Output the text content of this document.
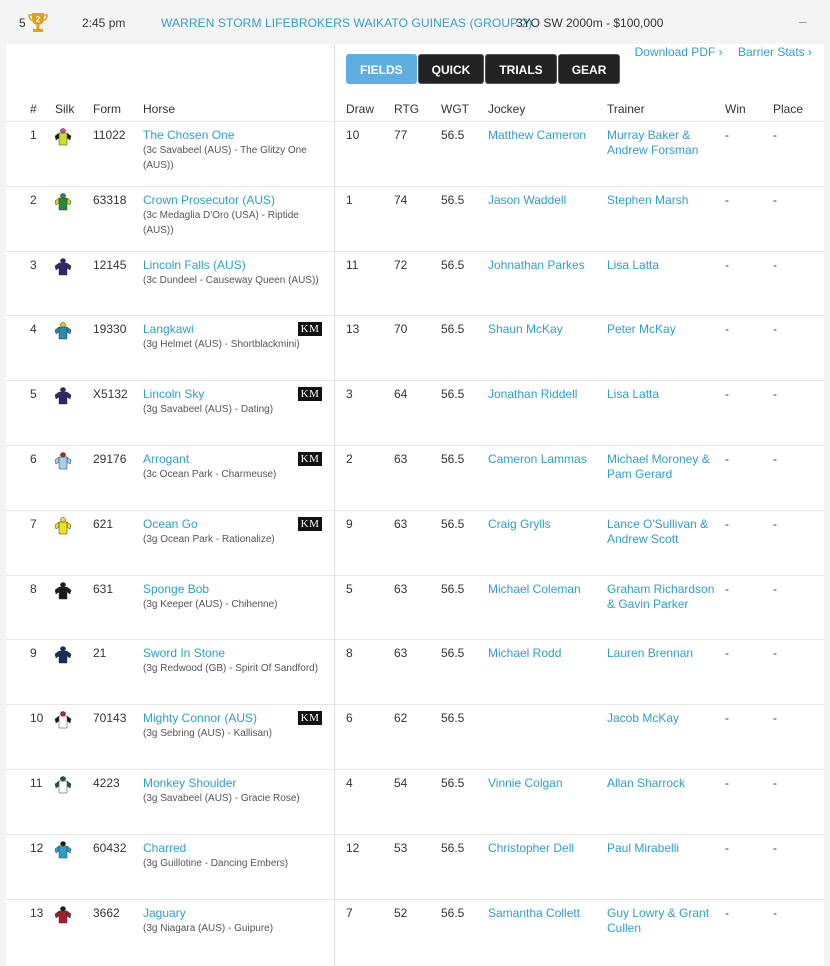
5 2	2:45 pm	WARREN STORM LIFEBROKERS WAIKATO GUINEAS (GROUP 2)
3YO SW 2000m - $100,000	–
Download PDF › Barrier Stats ›
FIELDS	QUICK	TRIALS	GEAR
# Silk Form Horse	Draw RTG WGT Jockey	Trainer	Win Place
1	11022 The Chosen One
(3c Savabeel (AUS) - The Glitzy One (AUS))
10	77	56.5 Matthew Cameron	Murray Baker & Andrew Forsman
-	-
2	63318 Crown Prosecutor (AUS)
(3c Medaglia D'Oro (USA) - Riptide (AUS))
1	74	56.5 Jason Waddell	Stephen Marsh	-	-
3	12145 Lincoln Falls (AUS)
(3c Dundeel - Causeway Queen (AUS))
11	72	56.5 Johnathan Parkes	Lisa Latta	-	-
4	19330 Langkawi
(3g Helmet (AUS) - Shortblackmini)
KM 13	70	56.5 Shaun McKay	Peter McKay	-	-
5	X5132 Lincoln Sky
(3g Savabeel (AUS) - Dating)
KM 3	64	56.5 Jonathan Riddell	Lisa Latta	-	-
6	29176 Arrogant
(3c Ocean Park - Charmeuse)
KM 2	63	56.5 Cameron Lammas	Michael Moroney & Pam Gerard
-	-
7	621 Ocean Go
(3g Ocean Park - Rationalize)
KM 9	63	56.5 Craig Grylls	Lance O'Sullivan & Andrew Scott
-	-
8	631 Sponge Bob
(3g Keeper (AUS) - Chihenne)
5	63	56.5 Michael Coleman	Graham Richardson & Gavin Parker
-	-
9	21	Sword In Stone
(3g Redwood (GB) - Spirit Of Sandford)
8	63	56.5 Michael Rodd	Lauren Brennan	-	-
10	70143 Mighty Connor (AUS)
(3g Sebring (AUS) - Kallisan)
KM 6	62	56.5	Jacob McKay	-	-
11	4223 Monkey Shoulder
(3g Savabeel (AUS) - Gracie Rose)
4	54	56.5 Vinnie Colgan	Allan Sharrock	-	-
12	60432 Charred
(3g Guillotine - Dancing Embers)
12	53	56.5 Christopher Dell	Paul Mirabelli	-	-
13	3662 Jaguary
(3g Niagara (AUS) - Guipure)
7	52	56.5 Samantha Collett	Guy Lowry & Grant Cullen
-	-
